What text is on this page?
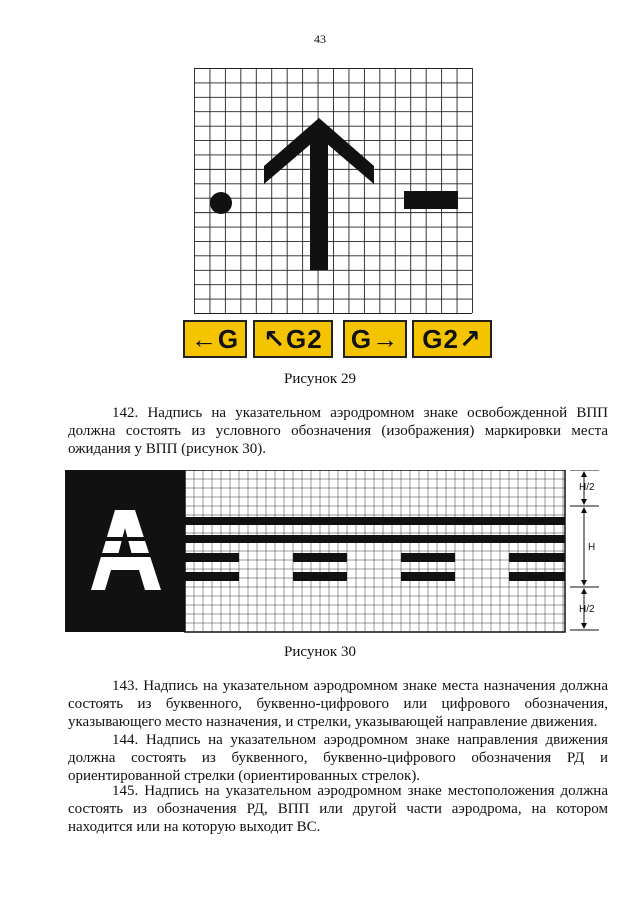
43
←G ↖G2	G→ G2↗
Рисунок 29

142. Надпись на указательном аэродромном знаке освобожденной ВПП должна состоять из условного обозначения (изображения) маркировки места ожидания у ВПП (рисунок 30).

H/2
H
H/2
Рисунок 30

143. Надпись на указательном аэродромном знаке места назначения должна состоять из буквенного, буквенно-цифрового или цифрового обозначения, указывающего место назначения, и стрелки, указывающей направление движения.

144. Надпись на указательном аэродромном знаке направления движения должна состоять из буквенного, буквенно-цифрового обозначения РД и ориентированной стрелки (ориентированных стрелок).

145. Надпись на указательном аэродромном знаке местоположения должна состоять из обозначения РД, ВПП или другой части аэродрома, на котором находится или на которую выходит ВС.
